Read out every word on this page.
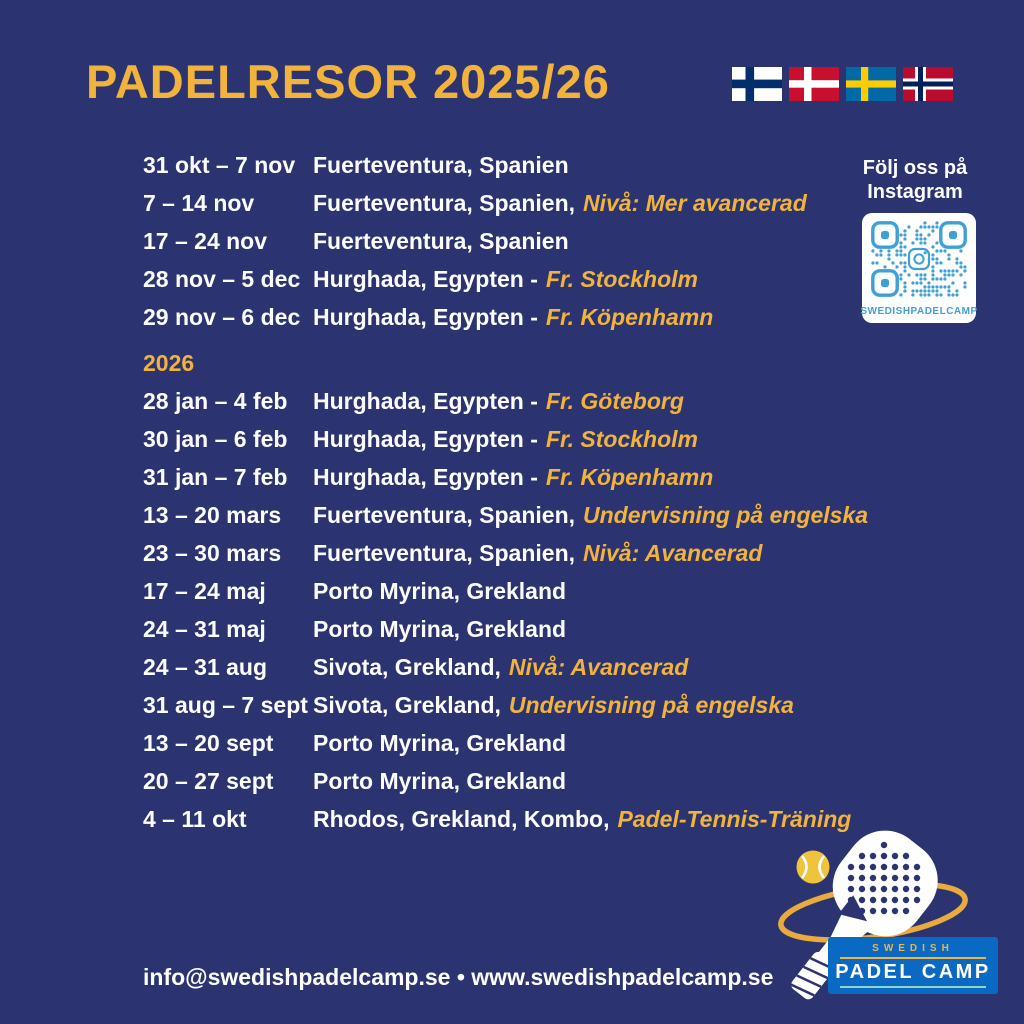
PADELRESOR 2025/26
31 okt – 7 nov Fuerteventura, Spanien
7 – 14 nov	Fuerteventura, Spanien, Nivå: Mer avancerad
17 – 24 nov	Fuerteventura, Spanien
28 nov – 5 dec Hurghada, Egypten - Fr. Stockholm
29 nov – 6 dec Hurghada, Egypten - Fr. Köpenhamn
2026
28 jan – 4 feb	Hurghada, Egypten - Fr. Göteborg
30 jan – 6 feb	Hurghada, Egypten - Fr. Stockholm
31 jan – 7 feb	Hurghada, Egypten - Fr. Köpenhamn
13 – 20 mars	Fuerteventura, Spanien, Undervisning på engelska
23 – 30 mars	Fuerteventura, Spanien, Nivå: Avancerad
17 – 24 maj	Porto Myrina, Grekland
24 – 31 maj	Porto Myrina, Grekland
24 – 31 aug	Sivota, Grekland, Nivå: Avancerad
31 aug – 7 sept Sivota, Grekland, Undervisning på engelska
13 – 20 sept	Porto Myrina, Grekland
20 – 27 sept	Porto Myrina, Grekland
4 – 11 okt	Rhodos, Grekland, Kombo, Padel-Tennis-Träning
Följ oss på
Instagram
SWEDISHPADELCAMP
SWEDISH
PADEL CAMP
info@swedishpadelcamp.se • www.swedishpadelcamp.se
